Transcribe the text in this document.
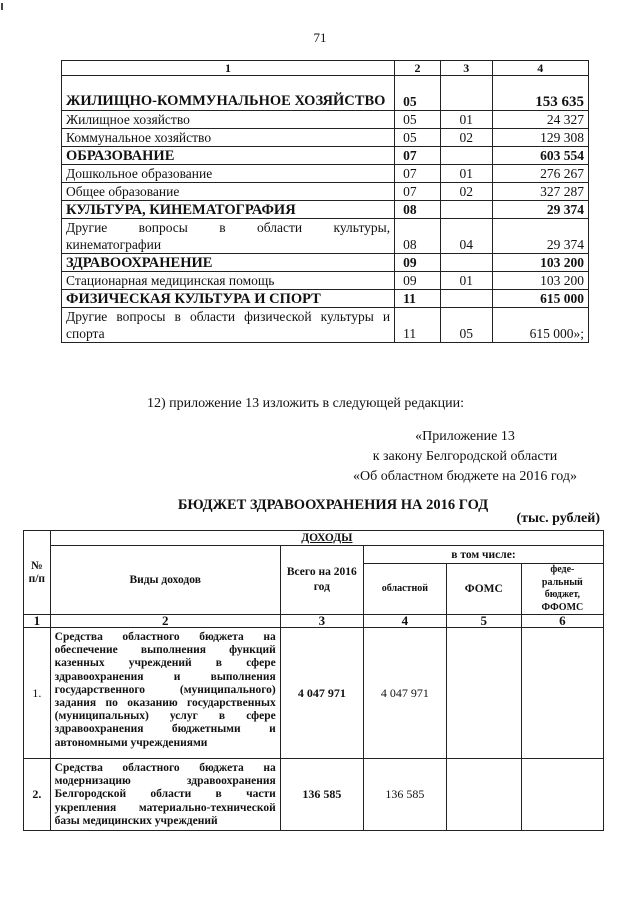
71
1	2	3	4
ЖИЛИЩНО-КОММУНАЛЬНОЕ ХОЗЯЙСТВО	05		153 635
Жилищное хозяйство	05	01	24 327
Коммунальное хозяйство	05	02	129 308
ОБРАЗОВАНИЕ	07		603 554
Дошкольное образование	07	01	276 267
Общее образование	07	02	327 287
КУЛЬТУРА, КИНЕМАТОГРАФИЯ	08		29 374
Другие вопросы в области культуры, кинематографии	08	04	29 374
ЗДРАВООХРАНЕНИЕ	09		103 200
Стационарная медицинская помощь	09	01	103 200
ФИЗИЧЕСКАЯ КУЛЬТУРА И СПОРТ	11		615 000
Другие вопросы в области физической культуры и спорта	11	05	615 000»;
12) приложение 13 изложить в следующей редакции:
«Приложение 13
к закону Белгородской области
«Об областном бюджете на 2016 год»
БЮДЖЕТ ЗДРАВООХРАНЕНИЯ НА 2016 ГОД
(тыс. рублей)
№ п/п	ДОХОДЫ				
	Виды доходов	Всего на 2016 год	в том числе:		
			областной	ФОМС	феде-ральный бюджет, ФФОМС
1	2	3	4	5	6
1.	Средства областного бюджета на обеспечение выполнения функций казенных учреждений в сфере здравоохранения и выполнения государственного (муниципального) задания по оказанию государственных (муниципальных) услуг в сфере здравоохранения бюджетными и автономными учреждениями	4 047 971	4 047 971		
2.	Средства областного бюджета на модернизацию здравоохранения Белгородской области в части укрепления материально-технической базы медицинских учреждений	136 585	136 585		
